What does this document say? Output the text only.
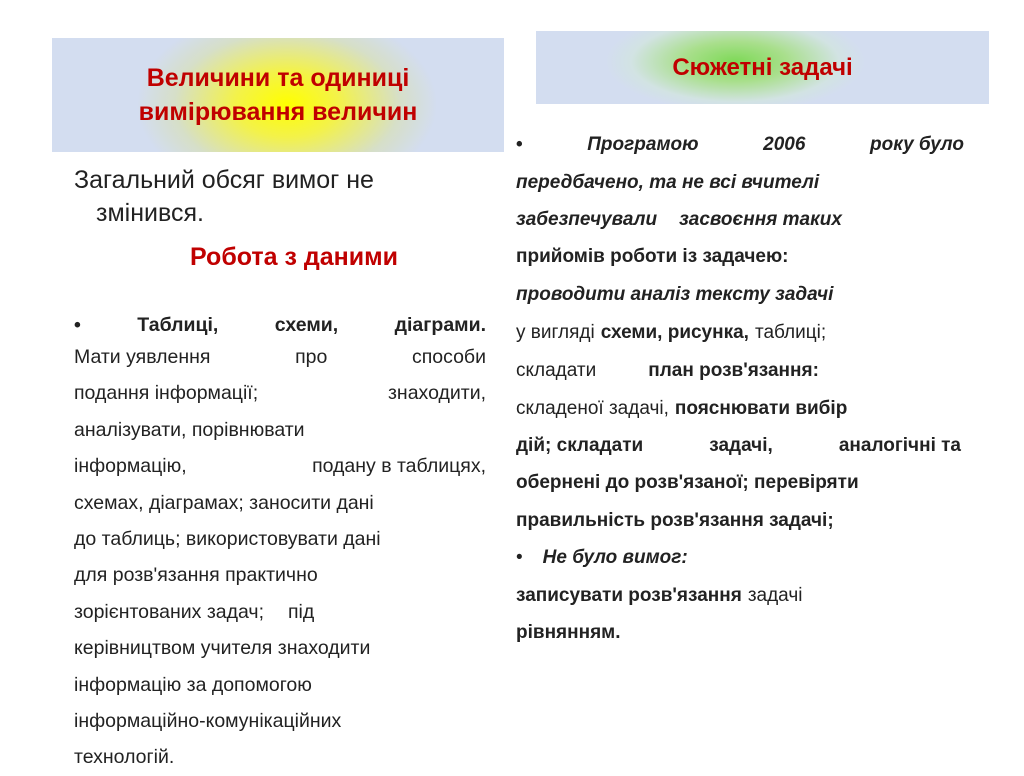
Величини та одиниці
вимірювання величин
Загальний обсяг вимог не
змінився.
Робота з даними
•	Таблиці,	схеми,	діаграми.
Мати уявлення	про	способи
подання інформації;	знаходити,
аналізувати, порівнювати
інформацію,	подану в таблицях,
схемах, діаграмах; заносити дані
до таблиць; використовувати дані
для розв'язання практично
зорієнтованих задач; під
керівництвом учителя знаходити
інформацію за допомогою
інформаційно-комунікаційних
технологій.
Сюжетні задачі
•	Програмою	2006	року було
передбачено, та не всі вчителі
забезпечували засвоєння таких
прийомів роботи із задачею:
проводити аналіз тексту задачі
у вигляді схеми, рисунка, таблиці;
складати	план розв'язання:
складеної задачі, пояснювати вибір
дій; складати	задачі,	аналогічні та
обернені до розв'язаної; перевіряти
правильність розв'язання задачі;
• Не було вимог:
записувати розв'язання задачі
рівнянням.
